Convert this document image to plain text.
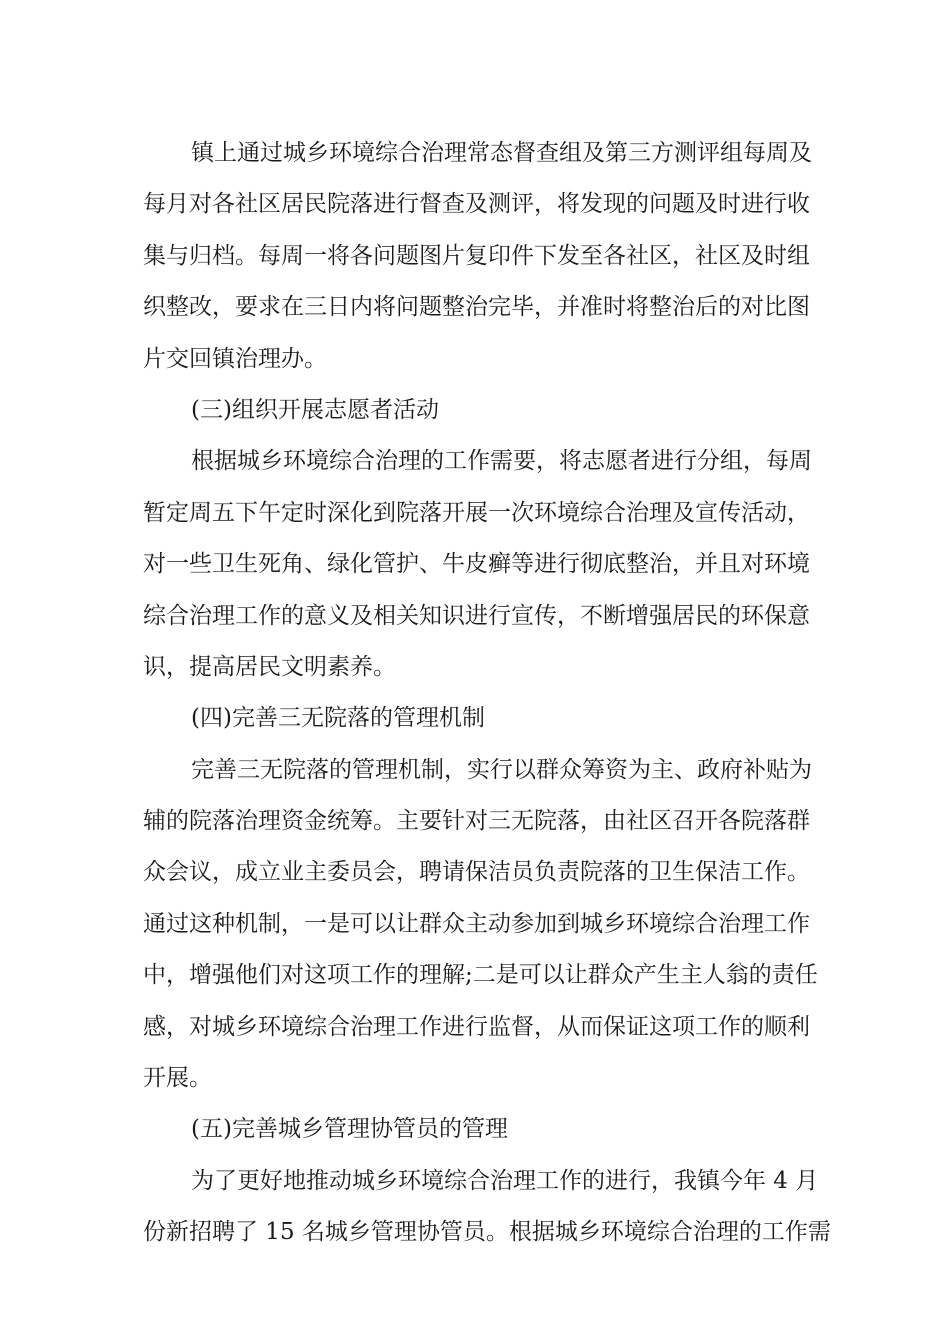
镇上通过城乡环境综合治理常态督查组及第三方测评组每周及
每月对各社区居民院落进行督查及测评，将发现的问题及时进行收
集与归档。每周一将各问题图片复印件下发至各社区，社区及时组
织整改，要求在三日内将问题整治完毕，并准时将整治后的对比图
片交回镇治理办。
(三)组织开展志愿者活动
根据城乡环境综合治理的工作需要，将志愿者进行分组，每周
暂定周五下午定时深化到院落开展一次环境综合治理及宣传活动，
对一些卫生死角、绿化管护、牛皮癣等进行彻底整治，并且对环境
综合治理工作的意义及相关知识进行宣传，不断增强居民的环保意
识，提高居民文明素养。
(四)完善三无院落的管理机制
完善三无院落的管理机制，实行以群众筹资为主、政府补贴为
辅的院落治理资金统筹。主要针对三无院落，由社区召开各院落群
众会议，成立业主委员会，聘请保洁员负责院落的卫生保洁工作。
通过这种机制，一是可以让群众主动参加到城乡环境综合治理工作
中，增强他们对这项工作的理解;二是可以让群众产生主人翁的责任
感，对城乡环境综合治理工作进行监督，从而保证这项工作的顺利
开展。
(五)完善城乡管理协管员的管理
为了更好地推动城乡环境综合治理工作的进行，我镇今年 4 月
份新招聘了 15 名城乡管理协管员。根据城乡环境综合治理的工作需
